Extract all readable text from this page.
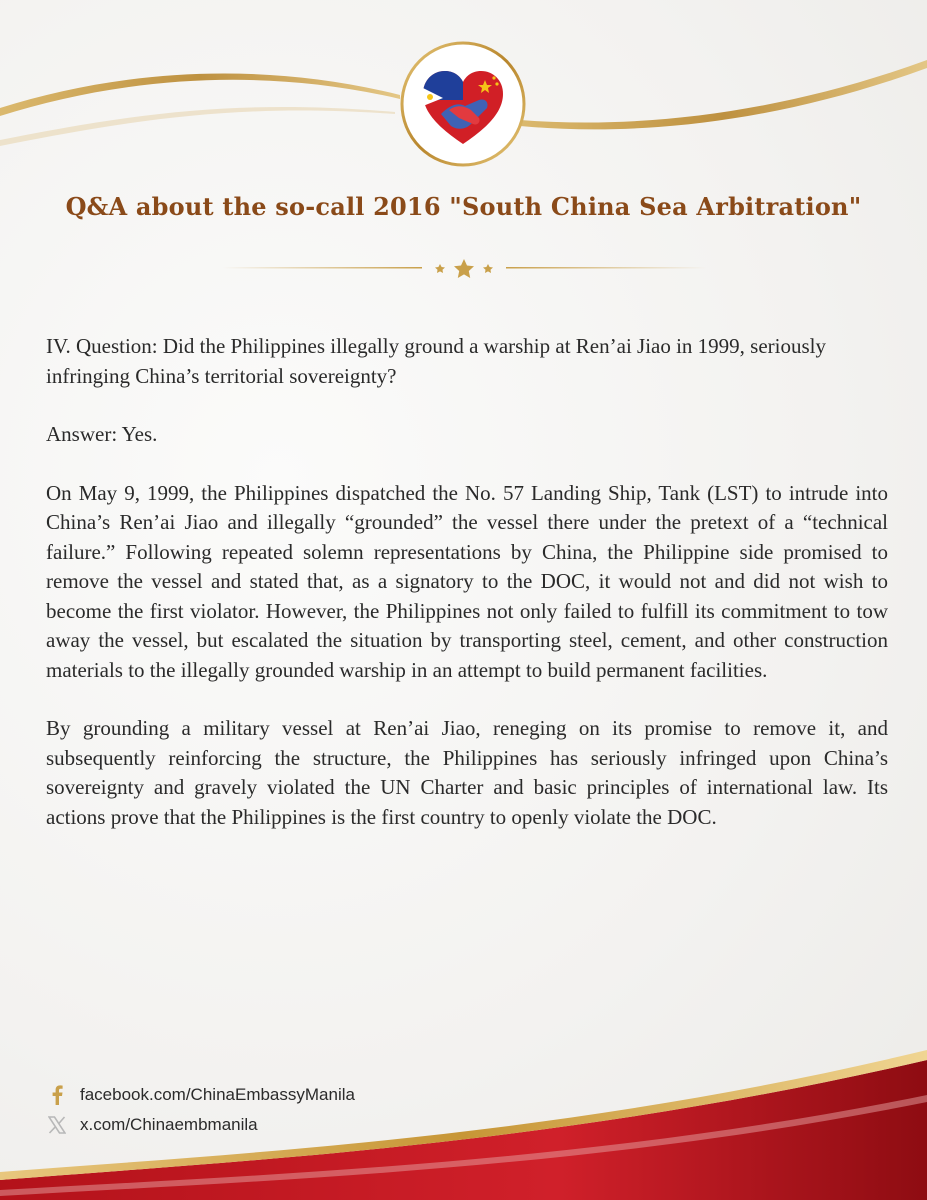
Q&A about the so-call 2016 "South China Sea Arbitration"

IV. Question: Did the Philippines illegally ground a warship at Ren’ai Jiao in 1999, seriously infringing China’s territorial sovereignty?

Answer: Yes.

On May 9, 1999, the Philippines dispatched the No. 57 Landing Ship, Tank (LST) to intrude into China’s Ren’ai Jiao and illegally “grounded” the vessel there under the pretext of a “technical failure.” Following repeated solemn representations by China, the Philippine side promised to remove the vessel and stated that, as a signatory to the DOC, it would not and did not wish to become the first violator. However, the Philippines not only failed to fulfill its commitment to tow away the vessel, but escalated the situation by transporting steel, cement, and other construction materials to the illegally grounded warship in an attempt to build permanent facilities.

By grounding a military vessel at Ren’ai Jiao, reneging on its promise to remove it, and subsequently reinforcing the structure, the Philippines has seriously infringed upon China’s sovereignty and gravely violated the UN Charter and basic principles of international law. Its actions prove that the Philippines is the first country to openly violate the DOC.

facebook.com/ChinaEmbassyManila
x.com/Chinaembmanila
